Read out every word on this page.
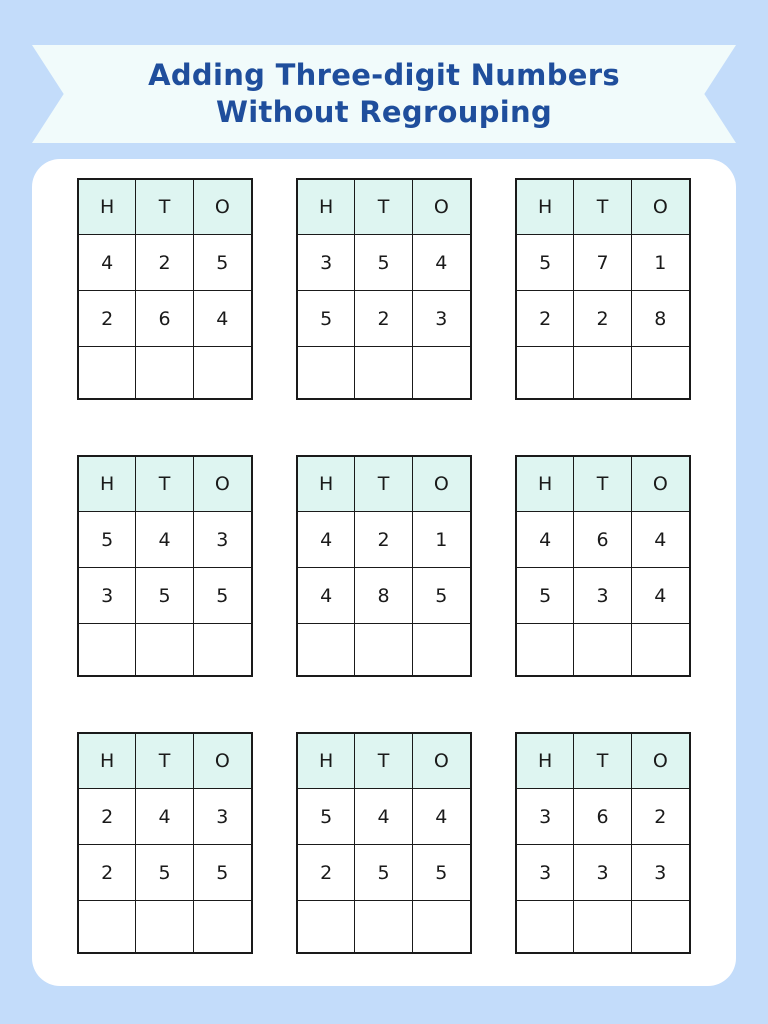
Adding Three-digit Numbers
Without Regrouping
H	T	O
4	2	5
2	6	4
H	T	O
3	5	4
5	2	3
H	T	O
5	7	1
2	2	8
H	T	O
5	4	3
3	5	5
H	T	O
4	2	1
4	8	5
H	T	O
4	6	4
5	3	4
H	T	O
2	4	3
2	5	5
H	T	O
5	4	4
2	5	5
H	T	O
3	6	2
3	3	3
